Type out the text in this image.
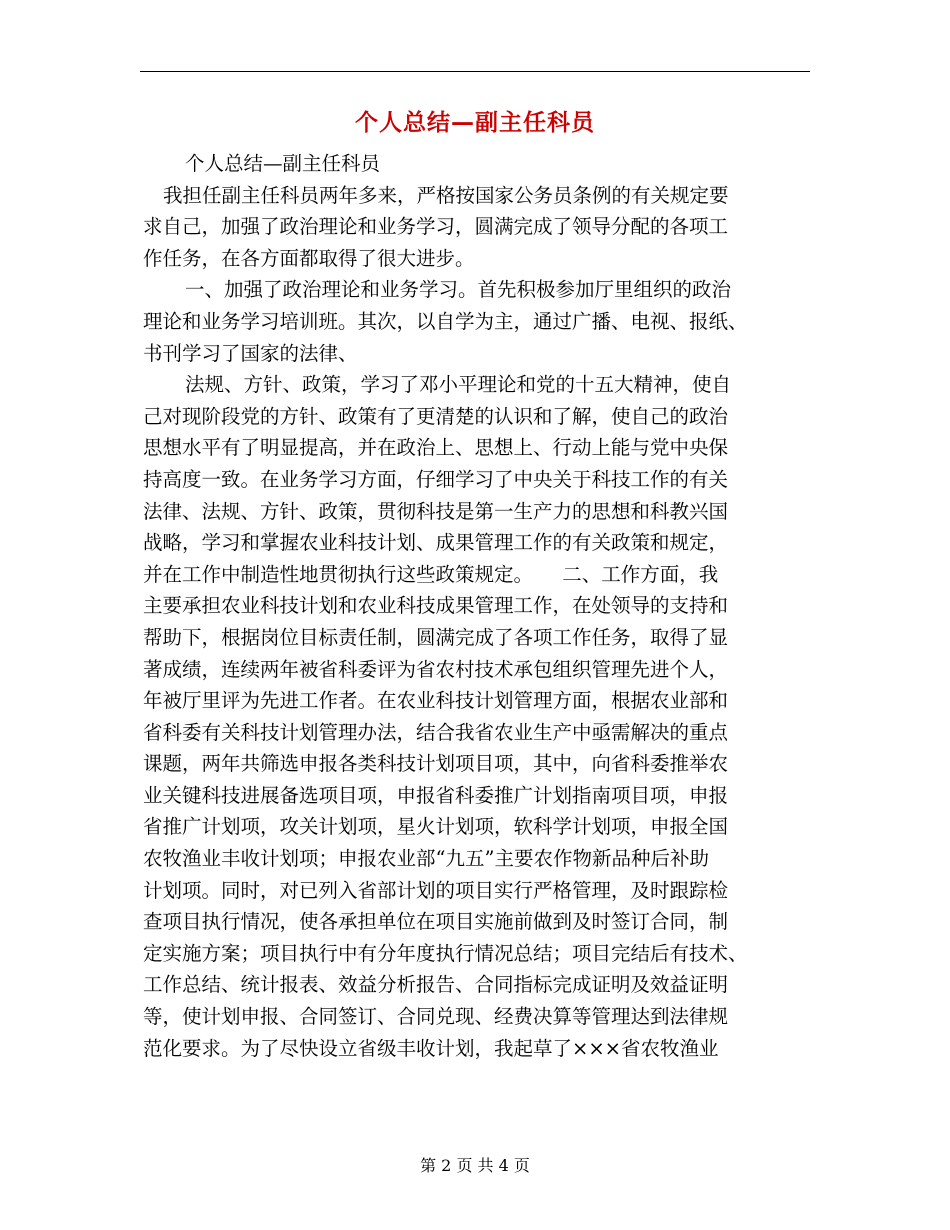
个人总结—副主任科员
个人总结—副主任科员
我担任副主任科员两年多来，严格按国家公务员条例的有关规定要
求自己，加强了政治理论和业务学习，圆满完成了领导分配的各项工
作任务，在各方面都取得了很大进步。
一、加强了政治理论和业务学习。首先积极参加厅里组织的政治
理论和业务学习培训班。其次，以自学为主，通过广播、电视、报纸、
书刊学习了国家的法律、
法规、方针、政策，学习了邓小平理论和党的十五大精神，使自
己对现阶段党的方针、政策有了更清楚的认识和了解，使自己的政治
思想水平有了明显提高，并在政治上、思想上、行动上能与党中央保
持高度一致。在业务学习方面，仔细学习了中央关于科技工作的有关
法律、法规、方针、政策，贯彻科技是第一生产力的思想和科教兴国
战略，学习和掌握农业科技计划、成果管理工作的有关政策和规定，
并在工作中制造性地贯彻执行这些政策规定。　　二、工作方面，我
主要承担农业科技计划和农业科技成果管理工作，在处领导的支持和
帮助下，根据岗位目标责任制，圆满完成了各项工作任务，取得了显
著成绩，连续两年被省科委评为省农村技术承包组织管理先进个人，
年被厅里评为先进工作者。在农业科技计划管理方面，根据农业部和
省科委有关科技计划管理办法，结合我省农业生产中亟需解决的重点
课题，两年共筛选申报各类科技计划项目项，其中，向省科委推举农
业关键科技进展备选项目项，申报省科委推广计划指南项目项，申报
省推广计划项，攻关计划项，星火计划项，软科学计划项，申报全国
农牧渔业丰收计划项；申报农业部“九五”主要农作物新品种后补助
计划项。同时，对已列入省部计划的项目实行严格管理，及时跟踪检
查项目执行情况，使各承担单位在项目实施前做到及时签订合同，制
定实施方案；项目执行中有分年度执行情况总结；项目完结后有技术、
工作总结、统计报表、效益分析报告、合同指标完成证明及效益证明
等，使计划申报、合同签订、合同兑现、经费决算等管理达到法律规
范化要求。为了尽快设立省级丰收计划，我起草了×××省农牧渔业
第 2 页 共 4 页
